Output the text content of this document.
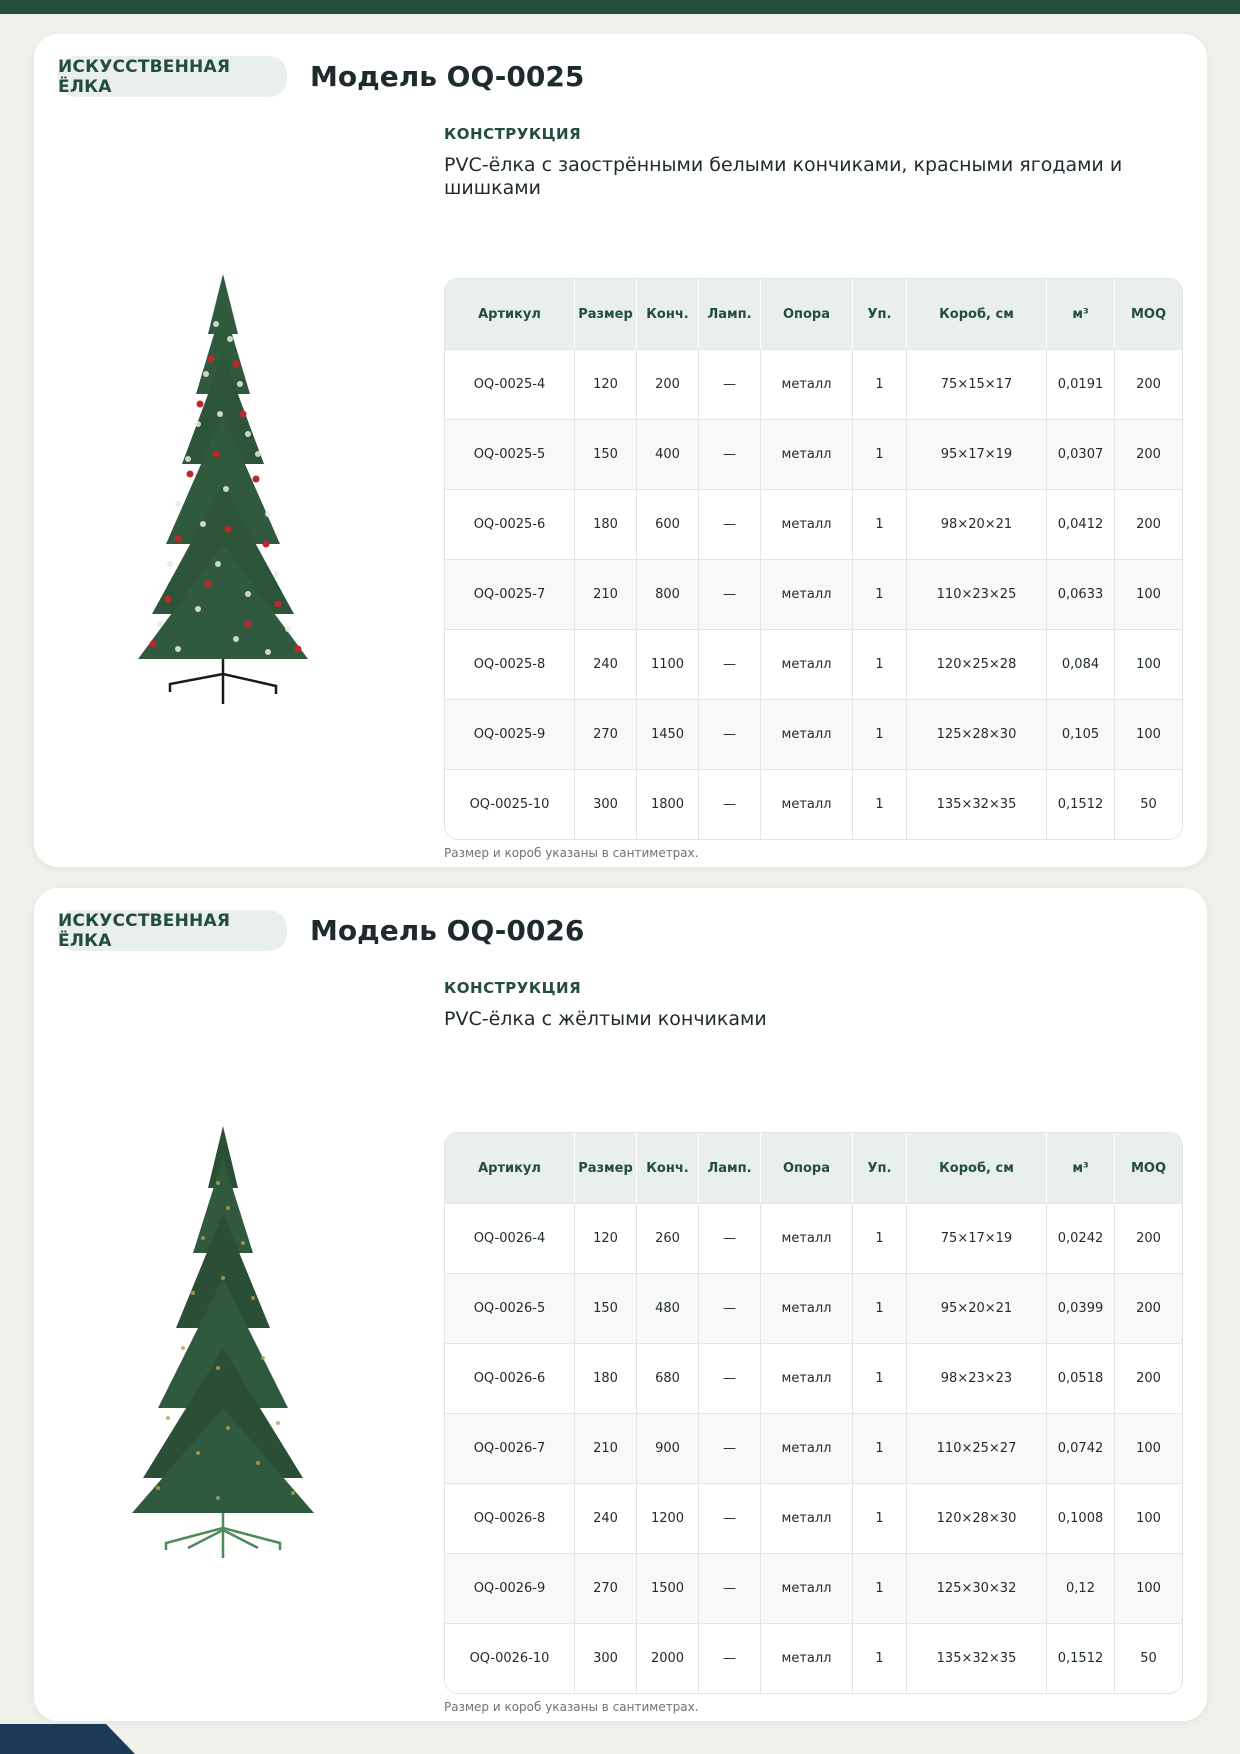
ИСКУССТВЕННАЯ ЁЛКА	Модель OQ-0025
КОНСТРУКЦИЯ

PVC-ёлка с заострёнными белыми кончиками, красными ягодами и шишками

Артикул	Размер	Конч.	Ламп.	Опора	Уп.	Короб, см	м³	MOQ
OQ-0025-4	120	200	—	металл	1	75×15×17	0,0191	200
OQ-0025-5	150	400	—	металл	1	95×17×19	0,0307	200
OQ-0025-6	180	600	—	металл	1	98×20×21	0,0412	200
OQ-0025-7	210	800	—	металл	1	110×23×25	0,0633	100
OQ-0025-8	240	1100	—	металл	1	120×25×28	0,084	100
OQ-0025-9	270	1450	—	металл	1	125×28×30	0,105	100
OQ-0025-10	300	1800	—	металл	1	135×32×35	0,1512	50
Размер и короб указаны в сантиметрах.
ИСКУССТВЕННАЯ ЁЛКА	Модель OQ-0026
КОНСТРУКЦИЯ

PVC-ёлка с жёлтыми кончиками

Артикул	Размер	Конч.	Ламп.	Опора	Уп.	Короб, см	м³	MOQ
OQ-0026-4	120	260	—	металл	1	75×17×19	0,0242	200
OQ-0026-5	150	480	—	металл	1	95×20×21	0,0399	200
OQ-0026-6	180	680	—	металл	1	98×23×23	0,0518	200
OQ-0026-7	210	900	—	металл	1	110×25×27	0,0742	100
OQ-0026-8	240	1200	—	металл	1	120×28×30	0,1008	100
OQ-0026-9	270	1500	—	металл	1	125×30×32	0,12	100
OQ-0026-10	300	2000	—	металл	1	135×32×35	0,1512	50
Размер и короб указаны в сантиметрах.
